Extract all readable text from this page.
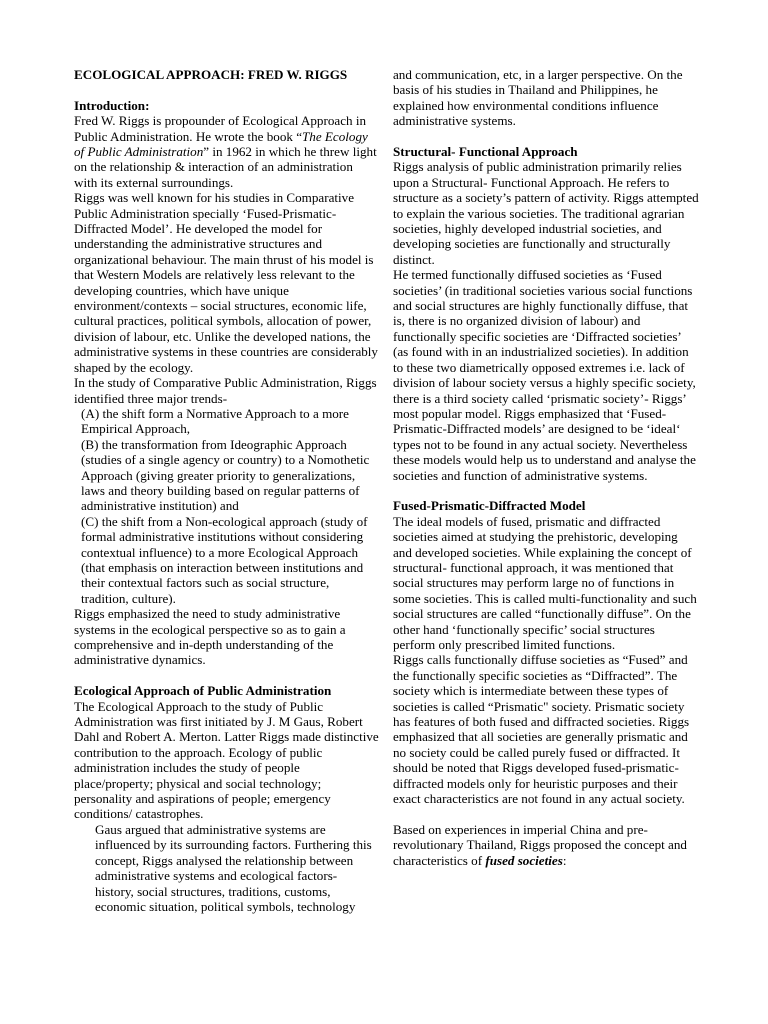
ECOLOGICAL APPROACH: FRED W. RIGGS

Introduction:

Fred W. Riggs is propounder of Ecological Approach in Public Administration. He wrote the book “The Ecology of Public Administration” in 1962 in which he threw light on the relationship & interaction of an administration with its external surroundings.

Riggs was well known for his studies in Comparative Public Administration specially ‘Fused-Prismatic-Diffracted Model’. He developed the model for understanding the administrative structures and organizational behaviour. The main thrust of his model is that Western Models are relatively less relevant to the developing countries, which have unique environment/contexts – social structures, economic life, cultural practices, political symbols, allocation of power, division of labour, etc. Unlike the developed nations, the administrative systems in these countries are considerably shaped by the ecology.

In the study of Comparative Public Administration, Riggs identified three major trends-

(A) the shift form a Normative Approach to a more Empirical Approach,

(B) the transformation from Ideographic Approach (studies of a single agency or country) to a Nomothetic Approach (giving greater priority to generalizations, laws and theory building based on regular patterns of administrative institution) and

(C) the shift from a Non-ecological approach (study of formal administrative institutions without considering contextual influence) to a more Ecological Approach (that emphasis on interaction between institutions and their contextual factors such as social structure, tradition, culture).

Riggs emphasized the need to study administrative systems in the ecological perspective so as to gain a comprehensive and in-depth understanding of the administrative dynamics.

Ecological Approach of Public Administration

The Ecological Approach to the study of Public Administration was first initiated by J. M Gaus, Robert Dahl and Robert A. Merton. Latter Riggs made distinctive contribution to the approach. Ecology of public administration includes the study of people place/property; physical and social technology; personality and aspirations of people; emergency conditions/ catastrophes.

Gaus argued that administrative systems are influenced by its surrounding factors. Furthering this concept, Riggs analysed the relationship between administrative systems and ecological factors- history, social structures, traditions, customs, economic situation, political symbols, technology

and communication, etc, in a larger perspective. On the basis of his studies in Thailand and Philippines, he explained how environmental conditions influence administrative systems.

Structural- Functional Approach

Riggs analysis of public administration primarily relies upon a Structural- Functional Approach. He refers to structure as a society’s pattern of activity. Riggs attempted to explain the various societies. The traditional agrarian societies, highly developed industrial societies, and developing societies are functionally and structurally distinct.

He termed functionally diffused societies as ‘Fused societies’ (in traditional societies various social functions and social structures are highly functionally diffuse, that is, there is no organized division of labour) and functionally specific societies are ‘Diffracted societies’ (as found with in an industrialized societies). In addition to these two diametrically opposed extremes i.e. lack of division of labour society versus a highly specific society, there is a third society called ‘prismatic society’- Riggs’ most popular model. Riggs emphasized that ‘Fused-Prismatic-Diffracted models’ are designed to be ‘ideal‘ types not to be found in any actual society. Nevertheless these models would help us to understand and analyse the societies and function of administrative systems.

Fused-Prismatic-Diffracted Model

The ideal models of fused, prismatic and diffracted societies aimed at studying the prehistoric, developing and developed societies. While explaining the concept of structural- functional approach, it was mentioned that social structures may perform large no of functions in some societies. This is called multi-functionality and such social structures are called “functionally diffuse”. On the other hand ‘functionally specific’ social structures perform only prescribed limited functions.

Riggs calls functionally diffuse societies as “Fused” and the functionally specific societies as “Diffracted”. The society which is intermediate between these types of societies is called “Prismatic" society. Prismatic society has features of both fused and diffracted societies. Riggs emphasized that all societies are generally prismatic and no society could be called purely fused or diffracted. It should be noted that Riggs developed fused-prismatic-diffracted models only for heuristic purposes and their exact characteristics are not found in any actual society.

Based on experiences in imperial China and pre-revolutionary Thailand, Riggs proposed the concept and characteristics of fused societies:
